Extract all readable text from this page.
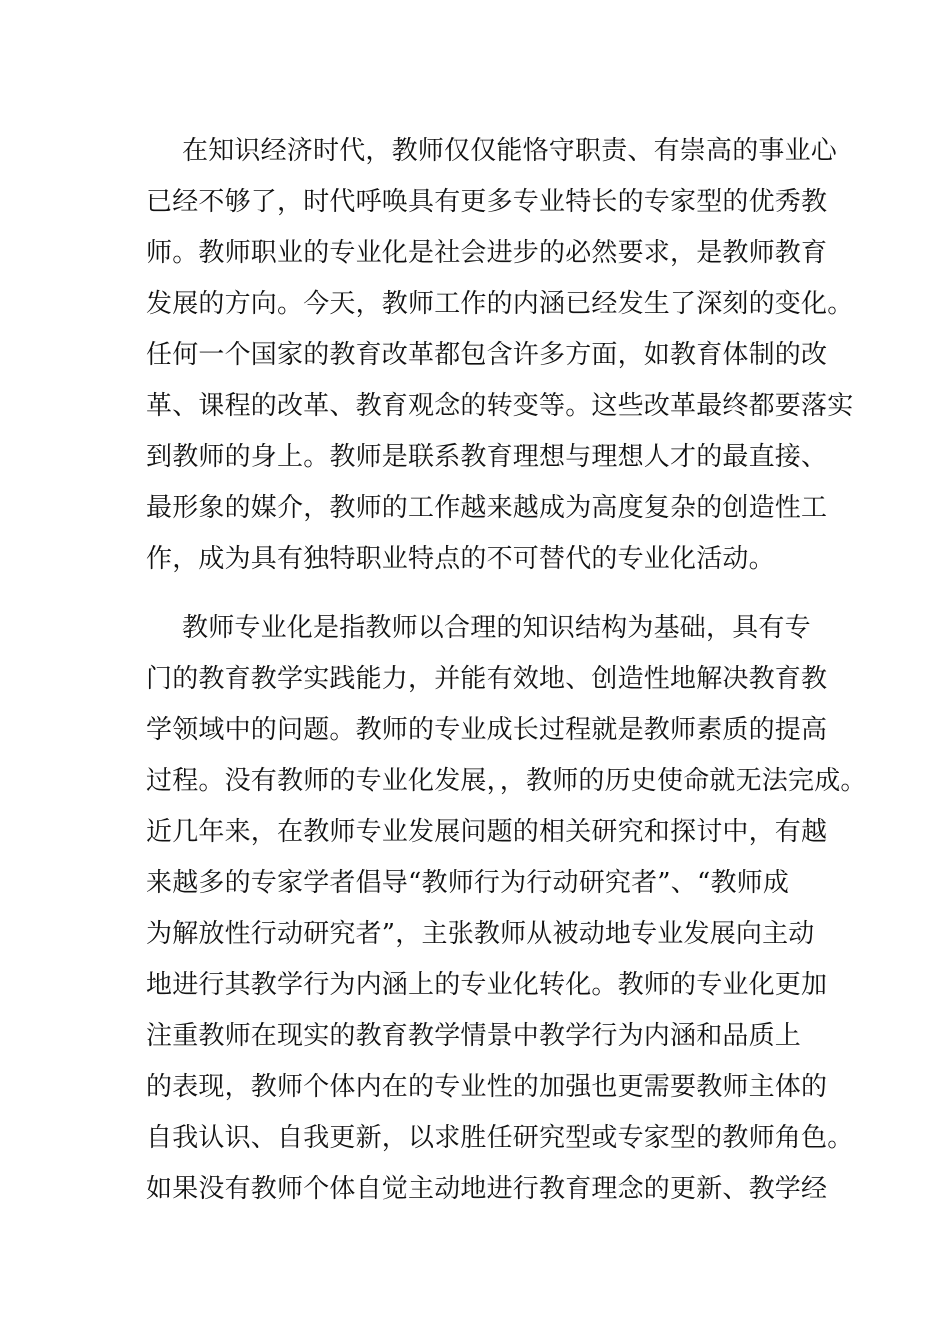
在知识经济时代，教师仅仅能恪守职责、有崇高的事业心
已经不够了，时代呼唤具有更多专业特长的专家型的优秀教
师。教师职业的专业化是社会进步的必然要求，是教师教育
发展的方向。今天，教师工作的内涵已经发生了深刻的变化。
任何一个国家的教育改革都包含许多方面，如教育体制的改
革、课程的改革、教育观念的转变等。这些改革最终都要落实
到教师的身上。教师是联系教育理想与理想人才的最直接、
最形象的媒介，教师的工作越来越成为高度复杂的创造性工
作，成为具有独特职业特点的不可替代的专业化活动。
教师专业化是指教师以合理的知识结构为基础，具有专
门的教育教学实践能力，并能有效地、创造性地解决教育教
学领域中的问题。教师的专业成长过程就是教师素质的提高
过程。没有教师的专业化发展，，教师的历史使命就无法完成。
近几年来，在教师专业发展问题的相关研究和探讨中，有越
来越多的专家学者倡导“教师行为行动研究者”、“教师成
为解放性行动研究者”，主张教师从被动地专业发展向主动
地进行其教学行为内涵上的专业化转化。教师的专业化更加
注重教师在现实的教育教学情景中教学行为内涵和品质上
的表现，教师个体内在的专业性的加强也更需要教师主体的
自我认识、自我更新，以求胜任研究型或专家型的教师角色。
如果没有教师个体自觉主动地进行教育理念的更新、教学经
